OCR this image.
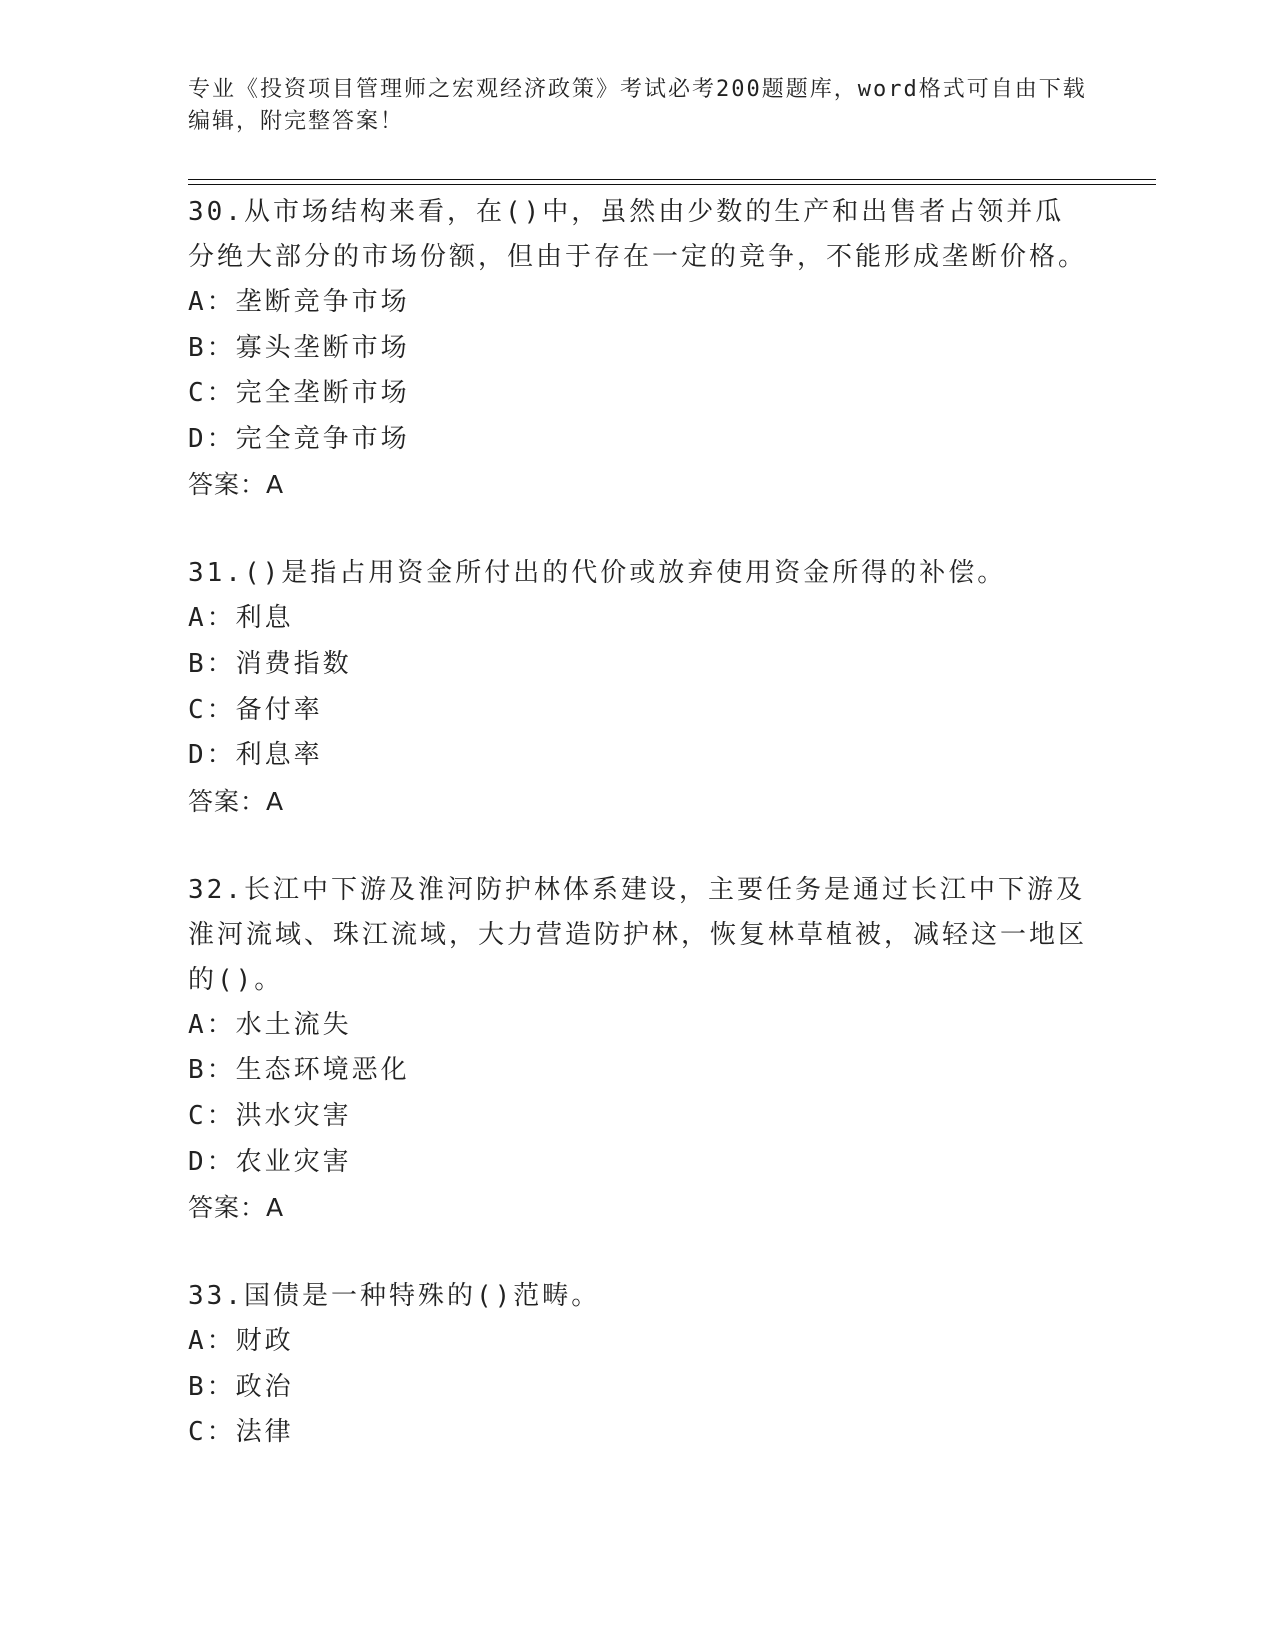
专业《投资项目管理师之宏观经济政策》考试必考200题题库，word格式可自由下载编辑，附完整答案！
30.从市场结构来看，在()中，虽然由少数的生产和出售者占领并瓜分绝大部分的市场份额，但由于存在一定的竞争，不能形成垄断价格。
A：垄断竞争市场
B：寡头垄断市场
C：完全垄断市场
D：完全竞争市场
答案：A
31.()是指占用资金所付出的代价或放弃使用资金所得的补偿。
A：利息
B：消费指数
C：备付率
D：利息率
答案：A
32.长江中下游及淮河防护林体系建设，主要任务是通过长江中下游及淮河流域、珠江流域，大力营造防护林，恢复林草植被，减轻这一地区的()。
A：水土流失
B：生态环境恶化
C：洪水灾害
D：农业灾害
答案：A
33.国债是一种特殊的()范畴。
A：财政
B：政治
C：法律
